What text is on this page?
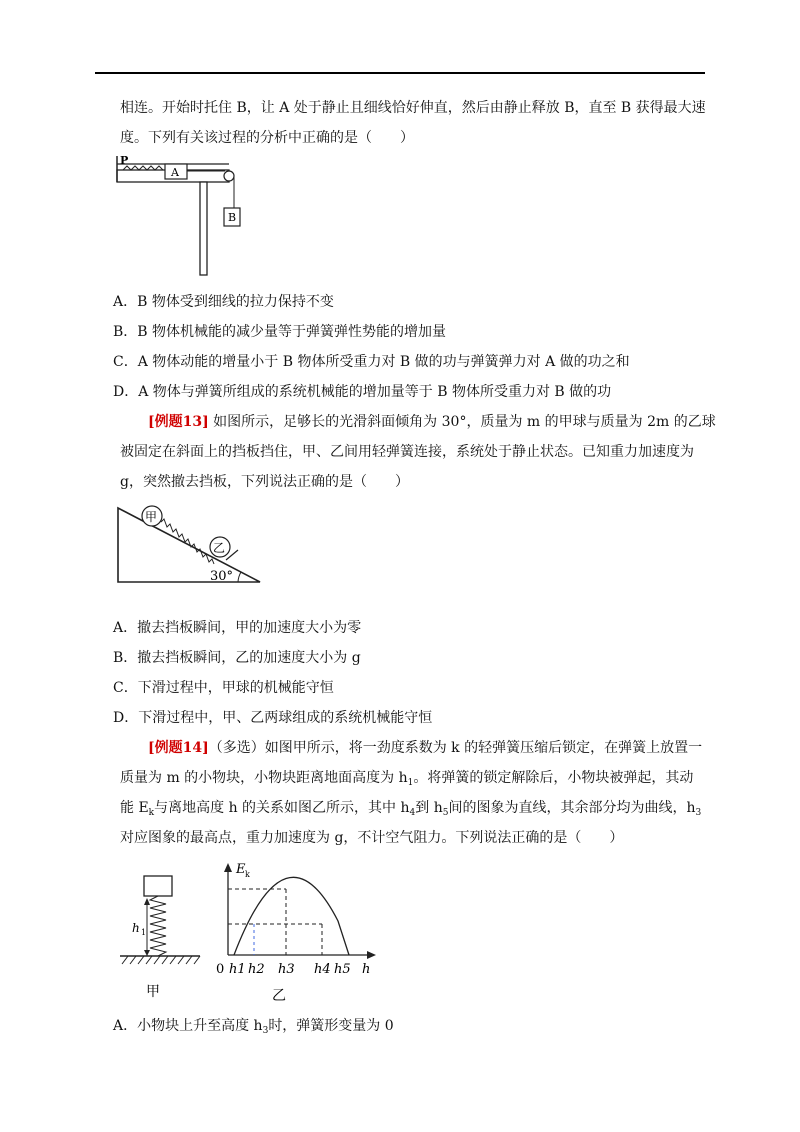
相连。开始时托住 B，让 A 处于静止且细线恰好伸直，然后由静止释放 B，直至 B 获得最大速
度。下列有关该过程的分析中正确的是（　　）
P
A
B
A．B 物体受到细线的拉力保持不变
B．B 物体机械能的减少量等于弹簧弹性势能的增加量
C．A 物体动能的增量小于 B 物体所受重力对 B 做的功与弹簧弹力对 A 做的功之和
D．A 物体与弹簧所组成的系统机械能的增加量等于 B 物体所受重力对 B 做的功
[例题13] 如图所示，足够长的光滑斜面倾角为 30°，质量为 m 的甲球与质量为 2m 的乙球
被固定在斜面上的挡板挡住，甲、乙间用轻弹簧连接，系统处于静止状态。已知重力加速度为
g，突然撤去挡板，下列说法正确的是（　　）
甲
乙
30°
A．撤去挡板瞬间，甲的加速度大小为零
B．撤去挡板瞬间，乙的加速度大小为 g
C．下滑过程中，甲球的机械能守恒
D．下滑过程中，甲、乙两球组成的系统机械能守恒
[例题14]（多选）如图甲所示，将一劲度系数为 k 的轻弹簧压缩后锁定，在弹簧上放置一
质量为 m 的小物块，小物块距离地面高度为 $h_1$。将弹簧的锁定解除后，小物块被弹起，其动
能 $E_k$与离地高度 h 的关系如图乙所示，其中 $h_4$到 $h_5$间的图象为直线，其余部分均为曲线，$h_3$
对应图象的最高点，重力加速度为 g，不计空气阻力。下列说法正确的是（　　）
h 1
甲
E k
0 h1 h2 h3 h4 h5 h
乙
A．小物块上升至高度 $h_3$时，弹簧形变量为 0
